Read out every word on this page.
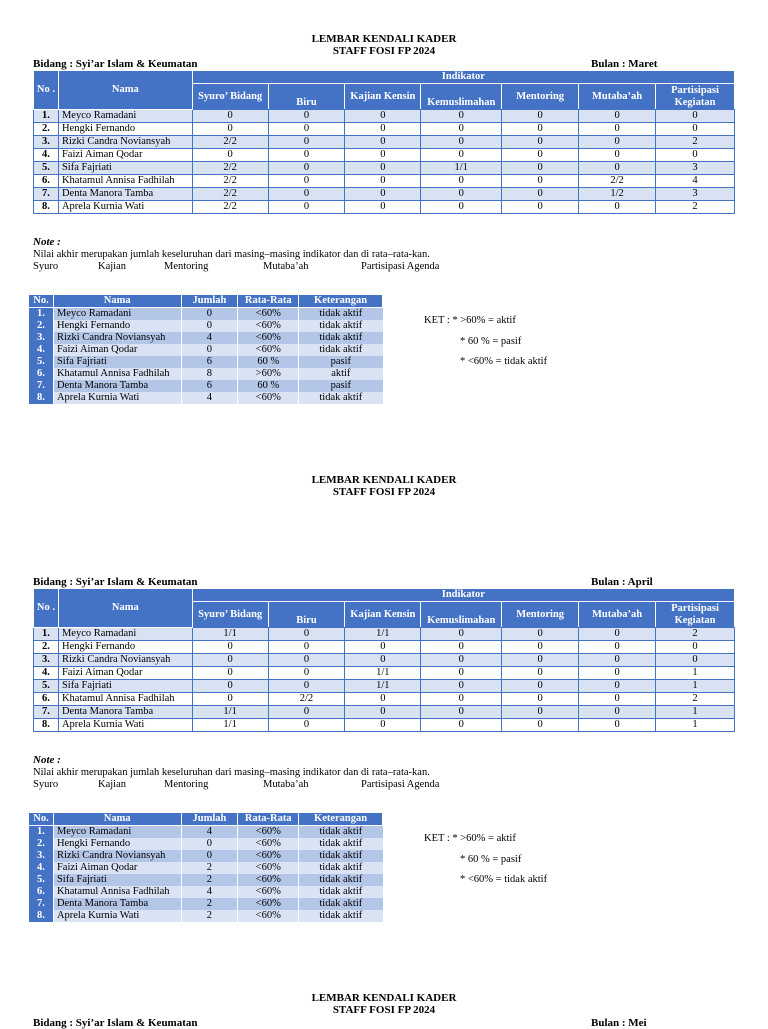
LEMBAR KENDALI KADER
STAFF FOSI FP 2024
Bidang : Syi’ar Islam & Keumatan	Bulan : Maret
No .	Nama	Indikator						
		Syuro’ Bidang	Biru	Kajian Kensin	Kemuslimahan	Mentoring	Mutaba’ah	Partisipasi Kegiatan

1.	Meyco Ramadani	0	0	0	0	0	0	0
2.	Hengki Fernando	0	0	0	0	0	0	0
3.	Rizki Candra Noviansyah	2/2	0	0	0	0	0	2
4.	Faizi Aiman Qodar	0	0	0	0	0	0	0
5.	Sifa Fajriati	2/2	0	0	1/1	0	0	3
6.	Khatamul Annisa Fadhilah	2/2	0	0	0	0	2/2	4
7.	Denta Manora Tamba	2/2	0	0	0	0	1/2	3
8.	Aprela Kurnia Wati	2/2	0	0	0	0	0	2
Note :
Nilai akhir merupakan jumlah keseluruhan dari masing–masing indikator dan di rata–rata-kan.
Syuro	Kajian	Mentoring	Mutaba’ah	Partisipasi Agenda
No.	Nama	Jumlah	Rata-Rata	Keterangan
1.	Meyco Ramadani	0	<60%	tidak aktif
2.	Hengki Fernando	0	<60%	tidak aktif
3.	Rizki Candra Noviansyah	4	<60%	tidak aktif
4.	Faizi Aiman Qodar	0	<60%	tidak aktif
5.	Sifa Fajriati	6	60 %	pasif
6.	Khatamul Annisa Fadhilah	8	>60%	aktif
7.	Denta Manora Tamba	6	60 %	pasif
8.	Aprela Kurnia Wati	4	<60%	tidak aktif
KET : * >60% = aktif
* 60 % = pasif
* <60% = tidak aktif
LEMBAR KENDALI KADER
STAFF FOSI FP 2024
Bidang : Syi’ar Islam & Keumatan	Bulan : April
No .	Nama	Indikator						
		Syuro’ Bidang	Biru	Kajian Kensin	Kemuslimahan	Mentoring	Mutaba’ah	Partisipasi Kegiatan

1.	Meyco Ramadani	1/1	0	1/1	0	0	0	2
2.	Hengki Fernando	0	0	0	0	0	0	0
3.	Rizki Candra Noviansyah	0	0	0	0	0	0	0
4.	Faizi Aiman Qodar	0	0	1/1	0	0	0	1
5.	Sifa Fajriati	0	0	1/1	0	0	0	1
6.	Khatamul Annisa Fadhilah	0	2/2	0	0	0	0	2
7.	Denta Manora Tamba	1/1	0	0	0	0	0	1
8.	Aprela Kurnia Wati	1/1	0	0	0	0	0	1
Note :
Nilai akhir merupakan jumlah keseluruhan dari masing–masing indikator dan di rata–rata-kan.
Syuro	Kajian	Mentoring	Mutaba’ah	Partisipasi Agenda
No.	Nama	Jumlah	Rata-Rata	Keterangan
1.	Meyco Ramadani	4	<60%	tidak aktif
2.	Hengki Fernando	0	<60%	tidak aktif
3.	Rizki Candra Noviansyah	0	<60%	tidak aktif
4.	Faizi Aiman Qodar	2	<60%	tidak aktif
5.	Sifa Fajriati	2	<60%	tidak aktif
6.	Khatamul Annisa Fadhilah	4	<60%	tidak aktif
7.	Denta Manora Tamba	2	<60%	tidak aktif
8.	Aprela Kurnia Wati	2	<60%	tidak aktif
KET : * >60% = aktif
* 60 % = pasif
* <60% = tidak aktif
LEMBAR KENDALI KADER
STAFF FOSI FP 2024
Bidang : Syi’ar Islam & Keumatan	Bulan : Mei
